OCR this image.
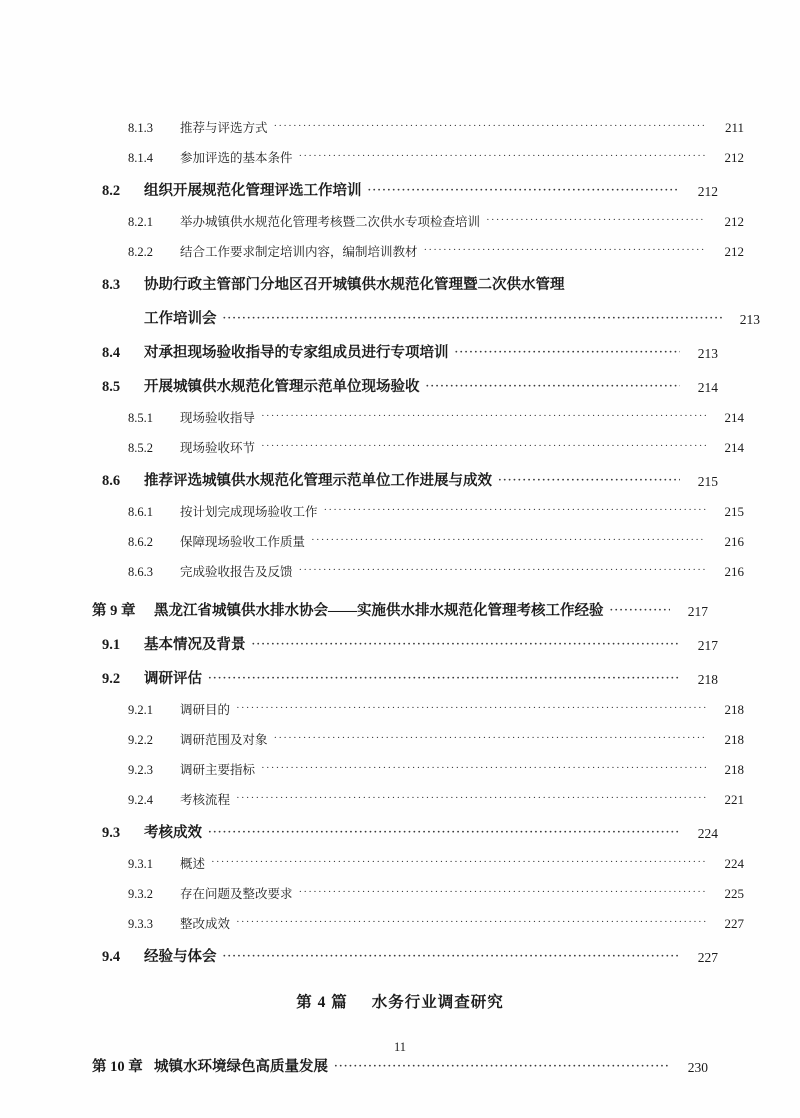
8.1.3	推荐与评选方式 ·····	211
8.1.4	参加评选的基本条件 ·····	212
8.2	组织开展规范化管理评选工作培训 ·····	212
8.2.1	举办城镇供水规范化管理考核暨二次供水专项检查培训 ·····	212
8.2.2	结合工作要求制定培训内容，编制培训教材 ·····	212
8.3	协助行政主管部门分地区召开城镇供水规范化管理暨二次供水管理
工作培训会 ·····	213
8.4	对承担现场验收指导的专家组成员进行专项培训 ·····	213
8.5	开展城镇供水规范化管理示范单位现场验收 ·····	214
8.5.1	现场验收指导 ·····	214
8.5.2	现场验收环节 ·····	214
8.6	推荐评选城镇供水规范化管理示范单位工作进展与成效 ·····	215
8.6.1	按计划完成现场验收工作 ·····	215
8.6.2	保障现场验收工作质量 ·····	216
8.6.3	完成验收报告及反馈 ·····	216
第 9 章	黑龙江省城镇供水排水协会——实施供水排水规范化管理考核工作经验 ·····	217
9.1	基本情况及背景 ·····	217
9.2	调研评估 ·····	218
9.2.1	调研目的 ·····	218
9.2.2	调研范围及对象 ·····	218
9.2.3	调研主要指标 ·····	218
9.2.4	考核流程 ·····	221
9.3	考核成效 ·····	224
9.3.1	概述 ·····	224
9.3.2	存在问题及整改要求 ·····	225
9.3.3	整改成效 ·····	227
9.4	经验与体会 ·····	227
第 4 篇 水务行业调查研究
第 10 章 城镇水环境绿色高质量发展 ·····	230
11
